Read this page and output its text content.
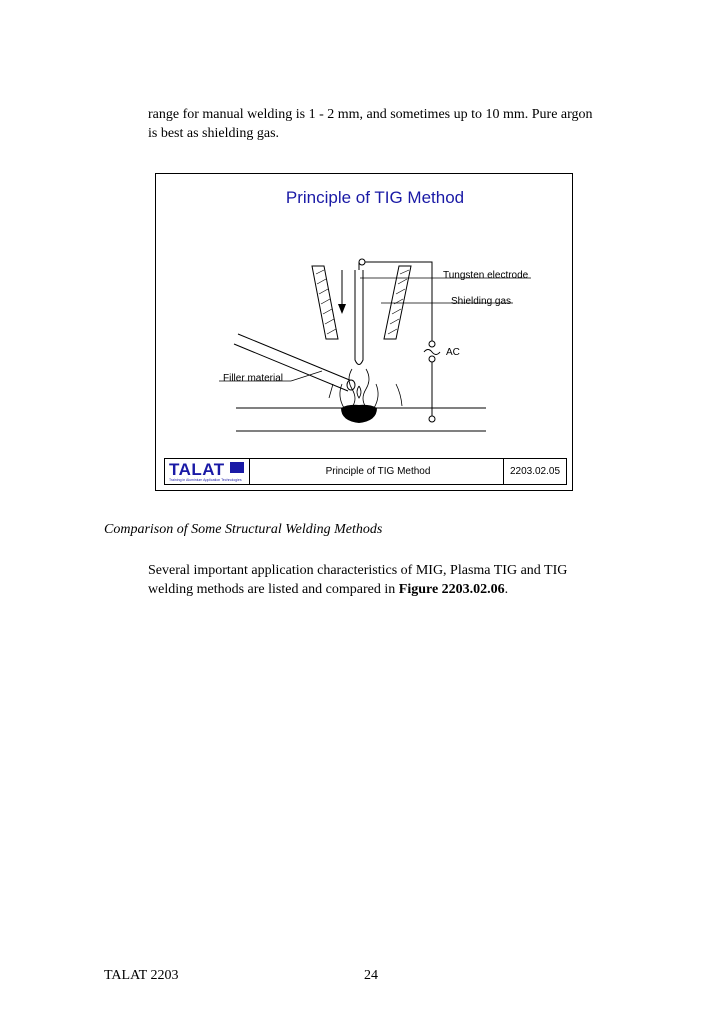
range for manual welding is 1 - 2 mm, and sometimes up to 10 mm. Pure argon
is best as shielding gas.
Principle of TIG Method
Tungsten electrode
Shielding gas
AC
Filler material
TALAT
Training in Aluminium Application Technologies
Principle of TIG Method	2203.02.05
Comparison of Some Structural Welding Methods
Several important application characteristics of MIG, Plasma TIG and TIG
welding methods are listed and compared in Figure 2203.02.06.
TALAT 2203	24
